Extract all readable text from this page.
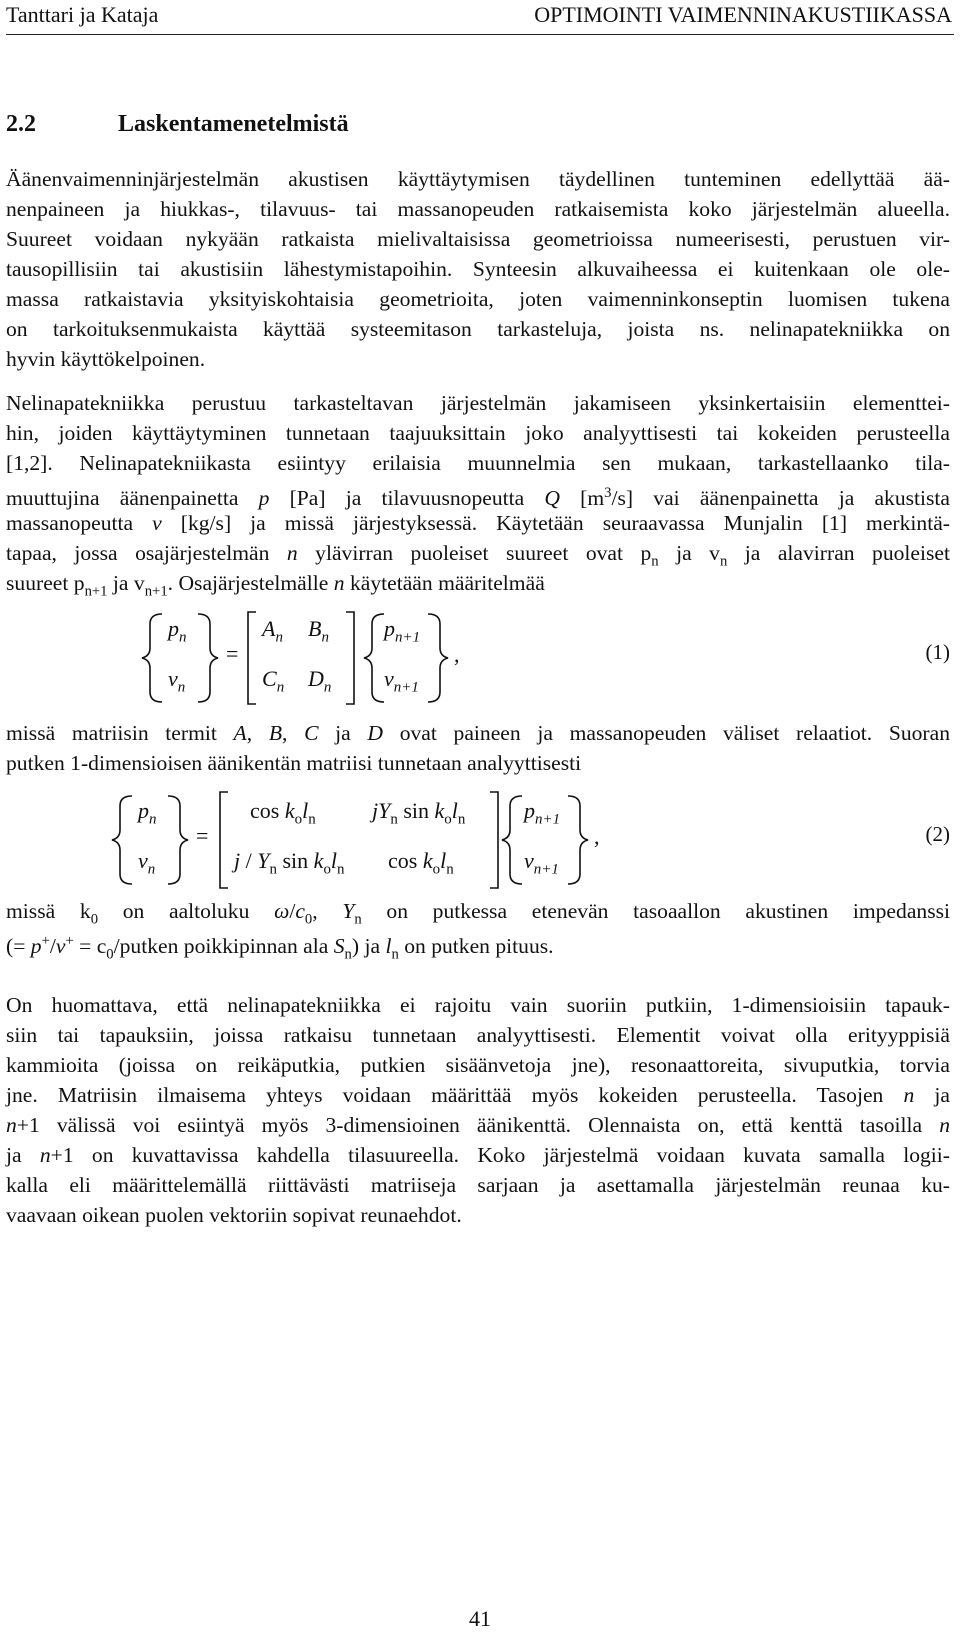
Tanttari ja Kataja	OPTIMOINTI VAIMENNINAKUSTIIKASSA
2.2	Laskentamenetelmistä
Äänenvaimenninjärjestelmän akustisen käyttäytymisen täydellinen tunteminen edellyttää ää-
nenpaineen ja hiukkas-, tilavuus- tai massanopeuden ratkaisemista koko järjestelmän alueella.
Suureet voidaan nykyään ratkaista mielivaltaisissa geometrioissa numeerisesti, perustuen vir-
tausopillisiin tai akustisiin lähestymistapoihin. Synteesin alkuvaiheessa ei kuitenkaan ole ole-
massa ratkaistavia yksityiskohtaisia geometrioita, joten vaimenninkonseptin luomisen tukena
on tarkoituksenmukaista käyttää systeemitason tarkasteluja, joista ns. nelinapatekniikka on
hyvin käyttökelpoinen.
Nelinapatekniikka perustuu tarkasteltavan järjestelmän jakamiseen yksinkertaisiin elementtei-
hin, joiden käyttäytyminen tunnetaan taajuuksittain joko analyyttisesti tai kokeiden perusteella
[1,2]. Nelinapatekniikasta esiintyy erilaisia muunnelmia sen mukaan, tarkastellaanko tila-
muuttujina äänenpainetta p [Pa] ja tilavuusnopeutta Q $[m^3/s]$ vai äänenpainetta ja akustista
massanopeutta v [kg/s] ja missä järjestyksessä. Käytetään seuraavassa Munjalin [1] merkintä-
tapaa, jossa osajärjestelmän n ylävirran puoleiset suureet ovat $p_n$ ja $v_n$ ja alavirran puoleiset
suureet $p_{n+1}$ ja $v_{n+1}$. Osajärjestelmälle n käytetään määritelmää
$p_n$
$v_n$
=
$A_n$ $B_n$
$C_n$ $D_n$
$p_{n+1}$
$v_{n+1}$
,	(1)
missä matriisin termit A, B, C ja D ovat paineen ja massanopeuden väliset relaatiot. Suoran
putken 1-dimensioisen äänikentän matriisi tunnetaan analyyttisesti
$p_n$
$v_n$
=
$\cos k_ol_n$	$jY_n$ $\sin k_ol_n$
j / $Y_n$ $\sin k_ol_n$ $\cos k_ol_n$
$p_{n+1}$
$v_{n+1}$
,	(2)
missä $k_0$ on aaltoluku $\omega/c_0$, $Y_n$ on putkessa etenevän tasoaallon akustinen impedanssi
(= $p^+/v^+ = c_0$/putken poikkipinnan ala $S_n$) ja $l_n$ on putken pituus.
On huomattava, että nelinapatekniikka ei rajoitu vain suoriin putkiin, 1-dimensioisiin tapauk-
siin tai tapauksiin, joissa ratkaisu tunnetaan analyyttisesti. Elementit voivat olla erityyppisiä
kammioita (joissa on reikäputkia, putkien sisäänvetoja jne), resonaattoreita, sivuputkia, torvia
jne. Matriisin ilmaisema yhteys voidaan määrittää myös kokeiden perusteella. Tasojen n ja
n+1 välissä voi esiintyä myös 3-dimensioinen äänikenttä. Olennaista on, että kenttä tasoilla n
ja n+1 on kuvattavissa kahdella tilasuureella. Koko järjestelmä voidaan kuvata samalla logii-
kalla eli määrittelemällä riittävästi matriiseja sarjaan ja asettamalla järjestelmän reunaa ku-
vaavaan oikean puolen vektoriin sopivat reunaehdot.
41
